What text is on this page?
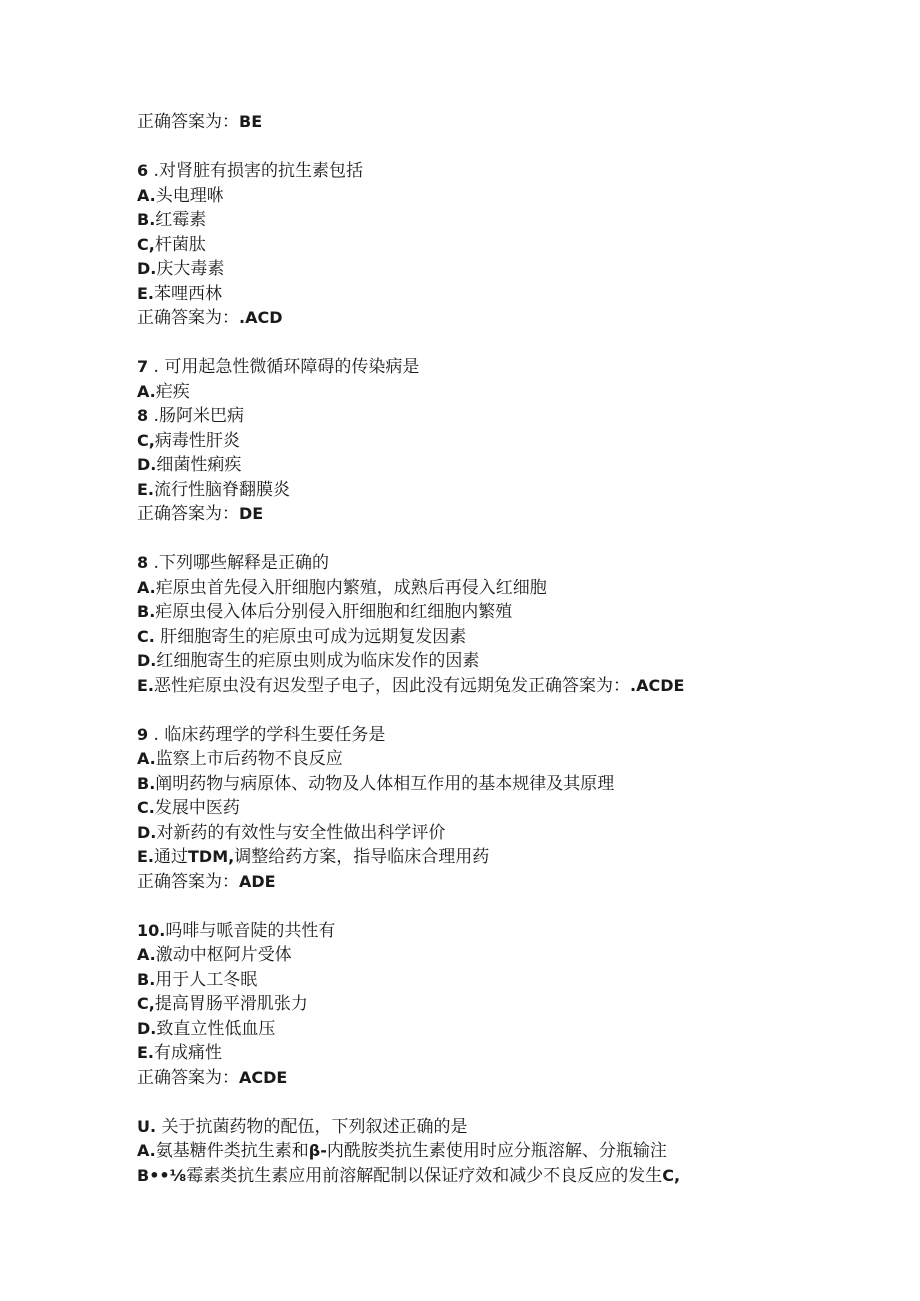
正确答案为：BE
6 .对肾脏有损害的抗生素包括
A.头电理咻
B.红霉素
C,杆菌肽
D.庆大毒素
E.苯哩西林
正确答案为：.ACD
7 . 可用起急性微循环障碍的传染病是
A.疟疾
8 .肠阿米巴病
C,病毒性肝炎
D.细菌性痢疾
E.流行性脑脊翻膜炎
正确答案为：DE
8 .下列哪些解释是正确的
A.疟原虫首先侵入肝细胞内繁殖，成熟后再侵入红细胞
B.疟原虫侵入体后分别侵入肝细胞和红细胞内繁殖
C. 肝细胞寄生的疟原虫可成为远期复发因素
D.红细胞寄生的疟原虫则成为临床发作的因素
E.恶性疟原虫没有迟发型子电子，因此没有远期兔发正确答案为：.ACDE
9 . 临床药理学的学科生要任务是
A.监察上市后药物不良反应
B.阐明药物与病原体、动物及人体相互作用的基本规律及其原理
C.发展中医药
D.对新药的有效性与安全性做出科学评价
E.通过TDM,调整给药方案，指导临床合理用药
正确答案为：ADE
10.吗啡与哌音陡的共性有
A.激动中枢阿片受体
B.用于人工冬眠
C,提高胃肠平滑肌张力
D.致直立性低血压
E.有成痛性
正确答案为：ACDE
U. 关于抗菌药物的配伍，下列叙述正确的是
A.氨基糖件类抗生素和β-内酰胺类抗生素使用时应分瓶溶解、分瓶输注
B••⅛霉素类抗生素应用前溶解配制以保证疗效和减少不良反应的发生C,
